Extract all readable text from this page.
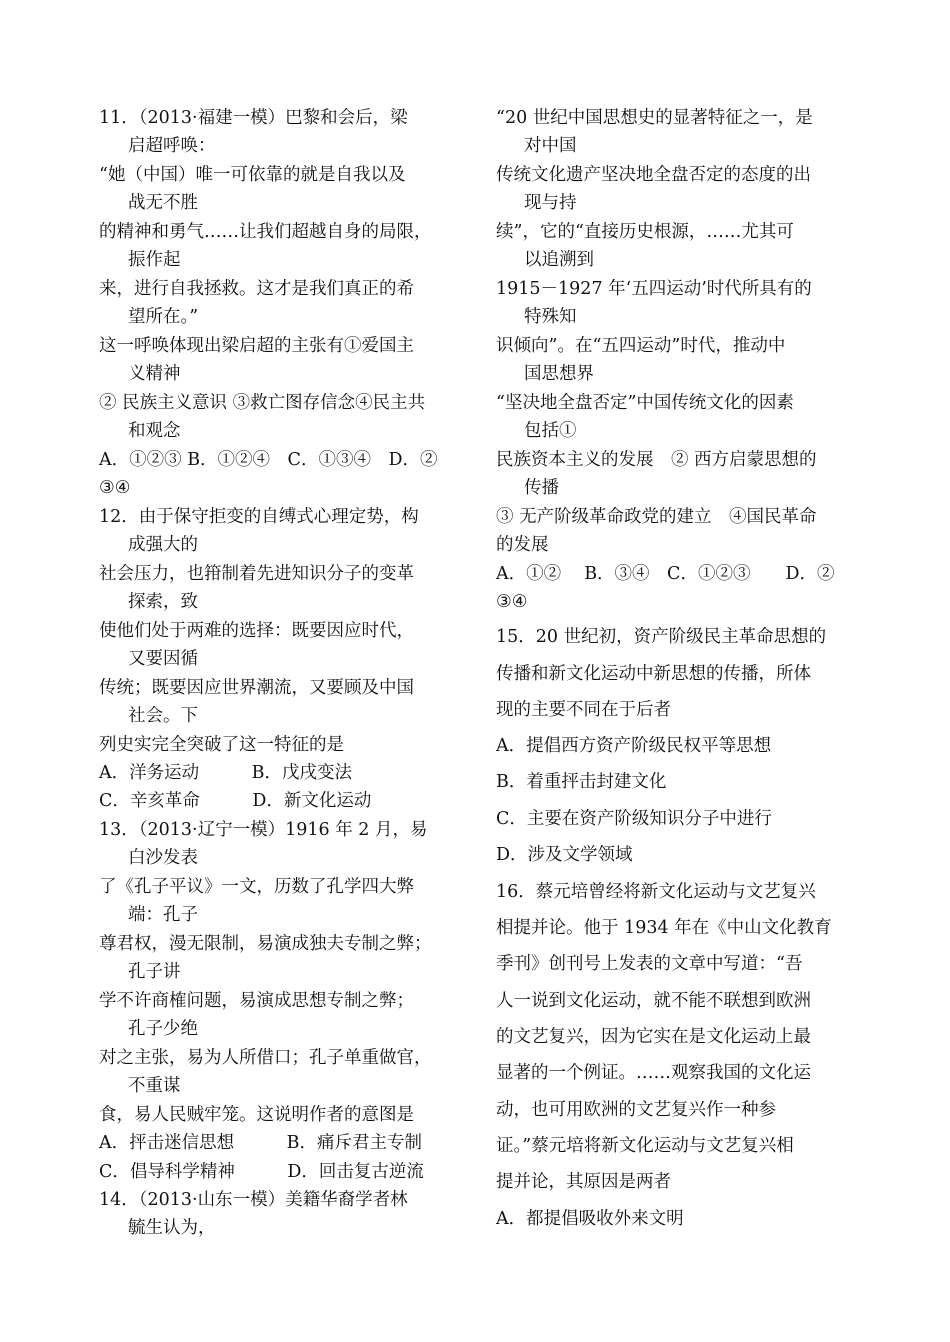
11．（2013·福建一模）巴黎和会后，梁
启超呼唤：
“她（中国）唯一可依靠的就是自我以及
战无不胜
的精神和勇气……让我们超越自身的局限，
振作起
来，进行自我拯救。这才是我们真正的希
望所在。”
这一呼唤体现出梁启超的主张有①爱国主
义精神
② 民族主义意识 ③救亡图存信念④民主共
和观念
A．①②③ B．①②④　C．①③④　D．②
③④
12．由于保守拒变的自缚式心理定势，构
成强大的
社会压力，也箝制着先进知识分子的变革
探索，致
使他们处于两难的选择：既要因应时代，
又要因循
传统；既要因应世界潮流，又要顾及中国
社会。下
列史实完全突破了这一特征的是
A．洋务运动　　　B．戊戌变法
C．辛亥革命　　　D．新文化运动
13．（2013·辽宁一模）1916 年 2 月，易
白沙发表
了《孔子平议》一文，历数了孔学四大弊
端：孔子
尊君权，漫无限制，易演成独夫专制之弊；
孔子讲
学不许商榷问题，易演成思想专制之弊；
孔子少绝
对之主张，易为人所借口；孔子单重做官，
不重谋
食，易人民贼牢笼。这说明作者的意图是
A．抨击迷信思想　　　B．痛斥君主专制
C．倡导科学精神　　　D．回击复古逆流
14．（2013·山东一模）美籍华裔学者林
毓生认为，
“20 世纪中国思想史的显著特征之一，是
对中国
传统文化遗产坚决地全盘否定的态度的出
现与持
续”，它的“直接历史根源，……尤其可
以追溯到
1915－1927 年‘五四运动’时代所具有的
特殊知
识倾向”。在“五四运动”时代，推动中
国思想界
“坚决地全盘否定”中国传统文化的因素
包括①
民族资本主义的发展　② 西方启蒙思想的
传播
③ 无产阶级革命政党的建立　④国民革命
的发展
A．①②　 B．③④　C．①②③　　D．②
③④
15．20 世纪初，资产阶级民主革命思想的
传播和新文化运动中新思想的传播，所体
现的主要不同在于后者
A．提倡西方资产阶级民权平等思想
B．着重抨击封建文化
C．主要在资产阶级知识分子中进行
D．涉及文学领域
16．蔡元培曾经将新文化运动与文艺复兴
相提并论。他于 1934 年在《中山文化教育
季刊》创刊号上发表的文章中写道：“吾
人一说到文化运动，就不能不联想到欧洲
的文艺复兴，因为它实在是文化运动上最
显著的一个例证。……观察我国的文化运
动，也可用欧洲的文艺复兴作一种参
证。”蔡元培将新文化运动与文艺复兴相
提并论，其原因是两者
A．都提倡吸收外来文明
